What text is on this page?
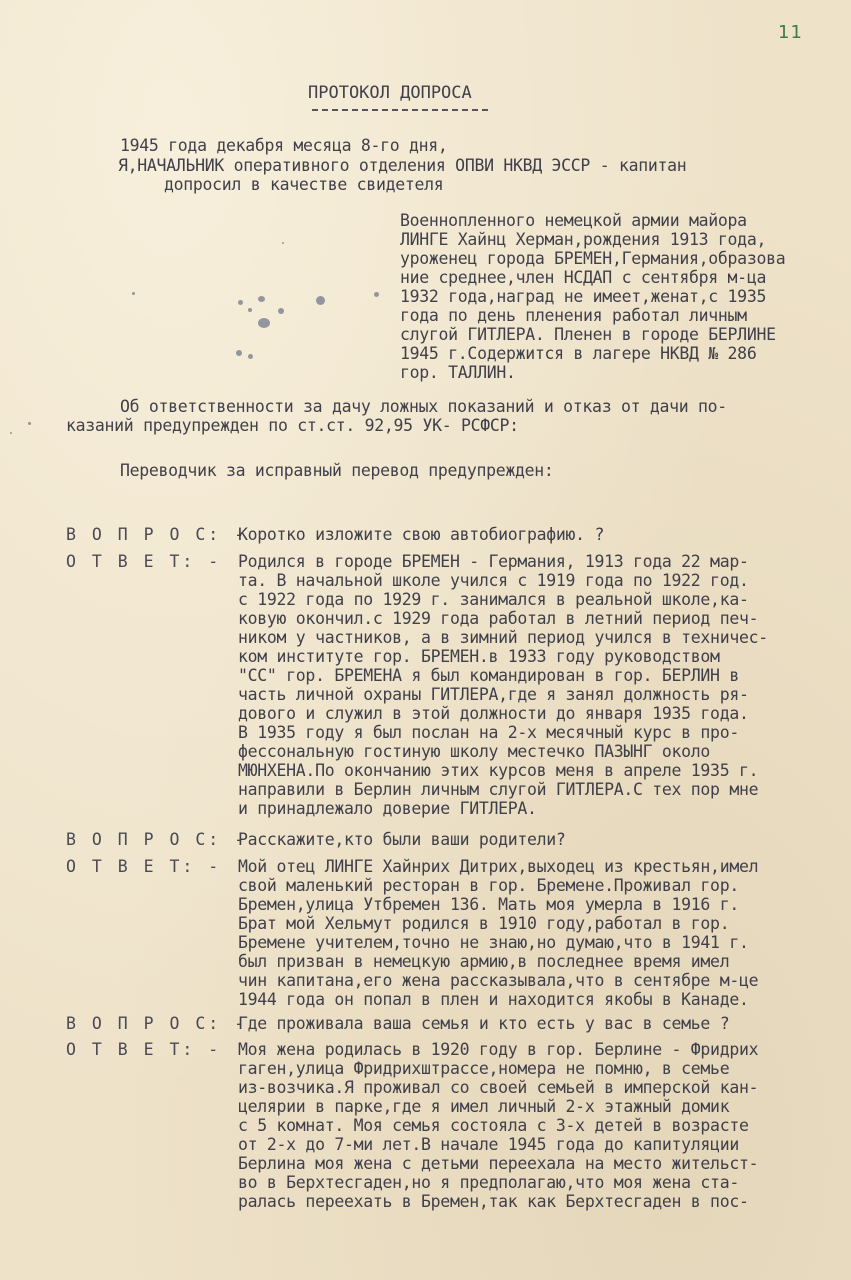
11
ПРОТОКОЛ ДОПРОСА
1945 года декабря месяца 8-го дня,
Я,НАЧАЛЬНИК оперативного отделения ОПВИ НКВД ЭССР - капитан
допросил в качестве свидетеля
Военнопленного немецкой армии майора
ЛИНГЕ Хайнц Херман,рождения 1913 года,
уроженец города БРЕМЕН,Германия,образова
ние среднее,член НСДАП с сентября м-ца
1932 года,наград не имеет,женат,с 1935
года по день пленения работал личным
слугой ГИТЛЕРА. Пленен в городе БЕРЛИНЕ
1945 г.Содержится в лагере НКВД № 286
гор. ТАЛЛИН.
Об ответственности за дачу ложных показаний и отказ от дачи по-
казаний предупрежден по ст.ст. 92,95 УК- РСФСР:
Переводчик за исправный перевод предупрежден:
В О П Р О С: -
Коротко изложите свою автобиографию. ?
О Т В Е Т: - Родился в городе БРЕМЕН - Германия, 1913 года 22 мар-
та. В начальной школе учился с 1919 года по 1922 год.
с 1922 года по 1929 г. занимался в реальной школе,ка-
ковую окончил.с 1929 года работал в летний период печ-
ником у частников, а в зимний период учился в техничес-
ком институте гор. БРЕМЕН.в 1933 году руководством
"СС" гор. БРЕМЕНА я был командирован в гор. БЕРЛИН в
часть личной охраны ГИТЛЕРА,где я занял должность ря-
дового и служил в этой должности до января 1935 года.
В 1935 году я был послан на 2-х месячный курс в про-
фессональную гостиную школу местечко ПАЗЫНГ около
МЮНХЕНА.По окончанию этих курсов меня в апреле 1935 г.
направили в Берлин личным слугой ГИТЛЕРА.С тех пор мне
и принадлежало доверие ГИТЛЕРА.
В О П Р О С: -
Расскажите,кто были ваши родители?
О Т В Е Т: - Мой отец ЛИНГЕ Хайнрих Дитрих,выходец из крестьян,имел
свой маленький ресторан в гор. Бремене.Проживал гор.
Бремен,улица Утбремен 136. Мать моя умерла в 1916 г.
Брат мой Хельмут родился в 1910 году,работал в гор.
Бремене учителем,точно не знаю,но думаю,что в 1941 г.
был призван в немецкую армию,в последнее время имел
чин капитана,его жена рассказывала,что в сентябре м-це
1944 года он попал в плен и находится якобы в Канаде.
В О П Р О С: -
Где проживала ваша семья и кто есть у вас в семье ?
О Т В Е Т: - Моя жена родилась в 1920 году в гор. Берлине - Фридрих
гаген,улица Фридрихштрассе,номера не помню, в семье
из-возчика.Я проживал со своей семьей в имперской кан-
целярии в парке,где я имел личный 2-х этажный домик
с 5 комнат. Моя семья состояла с 3-х детей в возрасте
от 2-х до 7-ми лет.В начале 1945 года до капитуляции
Берлина моя жена с детьми переехала на место жительст-
во в Берхтесгаден,но я предполагаю,что моя жена ста-
ралась переехать в Бремен,так как Берхтесгаден в пос-
